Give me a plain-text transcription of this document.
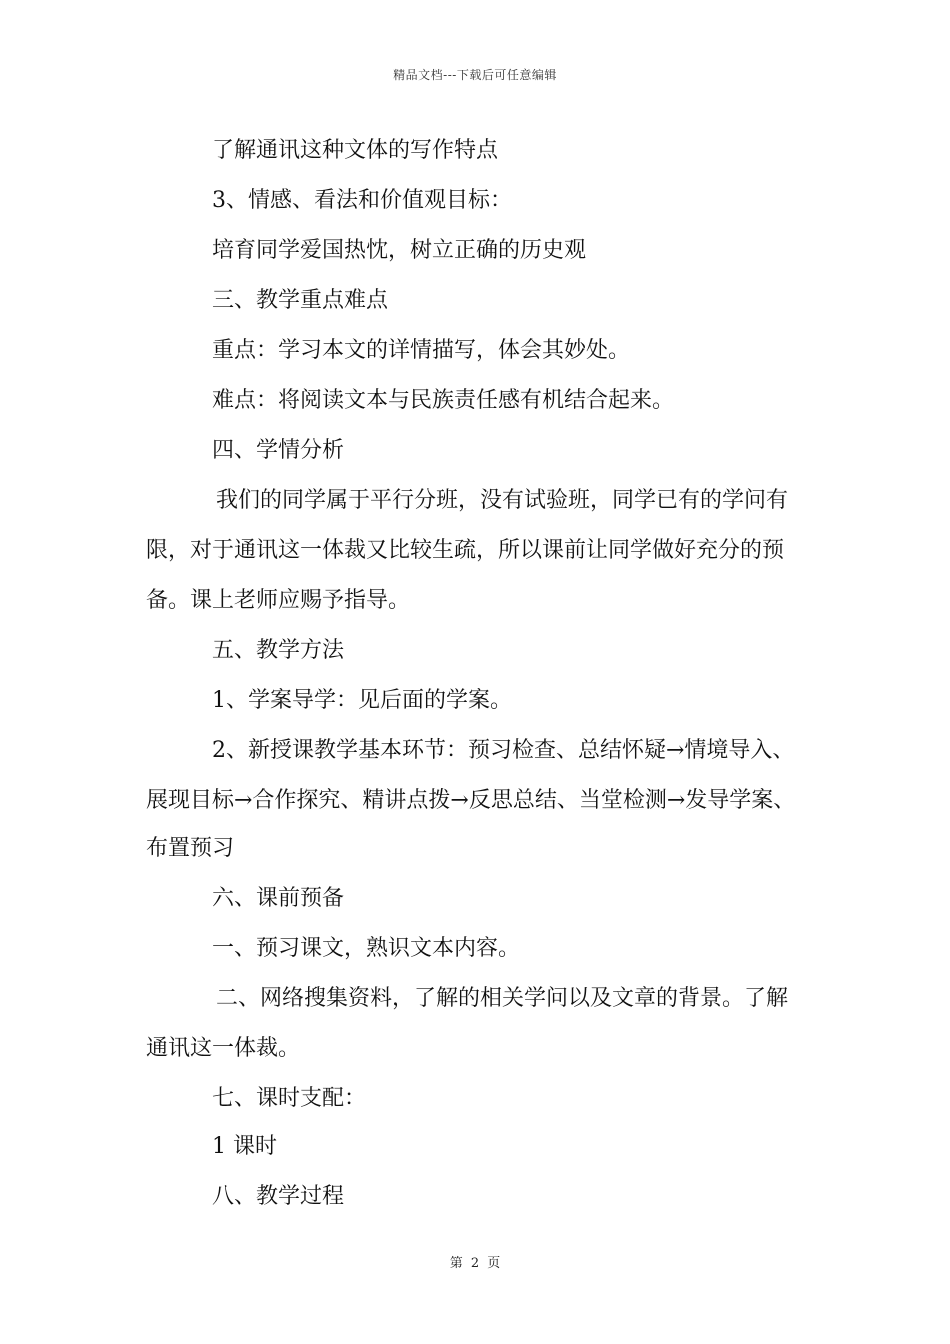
精品文档---下载后可任意编辑
了解通讯这种文体的写作特点
3、情感、看法和价值观目标：
培育同学爱国热忱，树立正确的历史观
三、教学重点难点
重点：学习本文的详情描写，体会其妙处。
难点：将阅读文本与民族责任感有机结合起来。
四、学情分析
我们的同学属于平行分班，没有试验班，同学已有的学问有
限，对于通讯这一体裁又比较生疏，所以课前让同学做好充分的预
备。课上老师应赐予指导。
五、教学方法
1、学案导学：见后面的学案。
2、新授课教学基本环节：预习检查、总结怀疑→情境导入、
展现目标→合作探究、精讲点拨→反思总结、当堂检测→发导学案、
布置预习
六、课前预备
一、预习课文，熟识文本内容。
二、网络搜集资料，了解的相关学问以及文章的背景。了解
通讯这一体裁。
七、课时支配：
1 课时
八、教学过程
第 2 页
